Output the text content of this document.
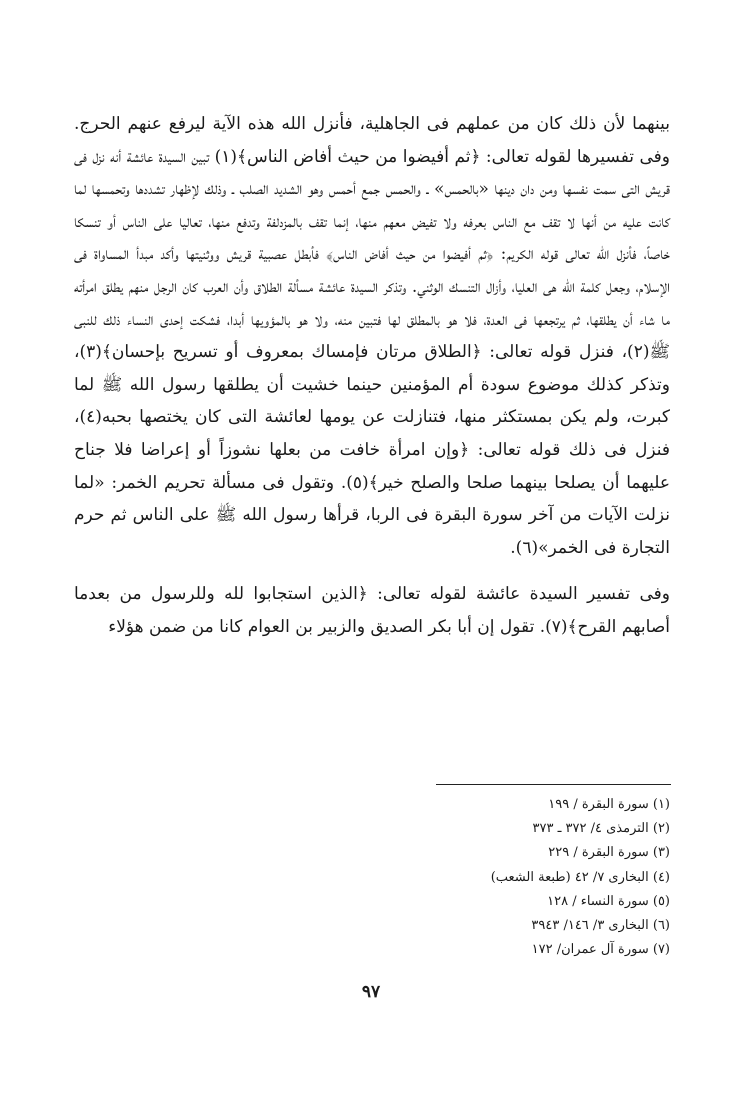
بينهما لأن ذلك كان من عملهم فى الجاهلية، فأنزل الله هذه الآية ليرفع عنهم الحرج. وفى تفسيرها لقوله تعالى: ﴿ثم أفيضوا من حيث أفاض الناس﴾(١) تبين السيدة عائشة أنه نزل فى قريش التى سمت نفسها ومن دان دينها «بالحمس» ـ والحمس جمع أحمس وهو الشديد الصلب ـ وذلك لإظهار تشددها وتحمسها لما كانت عليه من أنها لا تقف مع الناس بعرفه ولا تفيض معهم منها، إنما تقف بالمزدلفة وتدفع منها، تعاليا على الناس أو تنسكا خاصاً، فأنزل الله تعالى قوله الكريم: ﴿ثم أفيضوا من حيث أفاض الناس﴾ فأبطل عصبية قريش ووثنيتها وأكد مبدأ المساواة فى الإسلام، وجعل كلمة الله هى العليا، وأزال التنسك الوثني. وتذكر السيدة عائشة مسألة الطلاق وأن العرب كان الرجل منهم يطلق امرأته ما شاء أن يطلقها، ثم يرتجعها فى العدة، فلا هو بالمطلق لها فتبين منه، ولا هو بالمؤويها أبدا، فشكت إحدى النساء ذلك للنبى ﷺ(٢)، فنزل قوله تعالى: ﴿الطلاق مرتان فإمساك بمعروف أو تسريح بإحسان﴾(٣)، وتذكر كذلك موضوع سودة أم المؤمنين حينما خشيت أن يطلقها رسول الله ﷺ لما كبرت، ولم يكن بمستكثر منها، فتنازلت عن يومها لعائشة التى كان يختصها بحبه(٤)، فنزل فى ذلك قوله تعالى: ﴿وإن امرأة خافت من بعلها نشوزاً أو إعراضا فلا جناح عليهما أن يصلحا بينهما صلحا والصلح خير﴾(٥). وتقول فى مسألة تحريم الخمر: «لما نزلت الآيات من آخر سورة البقرة فى الربا، قرأها رسول الله ﷺ على الناس ثم حرم التجارة فى الخمر»(٦).

وفى تفسير السيدة عائشة لقوله تعالى: ﴿الذين استجابوا لله وللرسول من بعدما أصابهم القرح﴾(٧). تقول إن أبا بكر الصديق والزبير بن العوام كانا من ضمن هؤلاء

(١) سورة البقرة / ١٩٩
(٢) الترمذى ٤/ ٣٧٢ ـ ٣٧٣
(٣) سورة البقرة / ٢٢٩
(٤) البخارى ٧/ ٤٢ (طبعة الشعب)
(٥) سورة النساء / ١٢٨
(٦) البخارى ٣/ ١٤٦/ ٣٩٤٣
(٧) سورة آل عمران/ ١٧٢
٩٧
